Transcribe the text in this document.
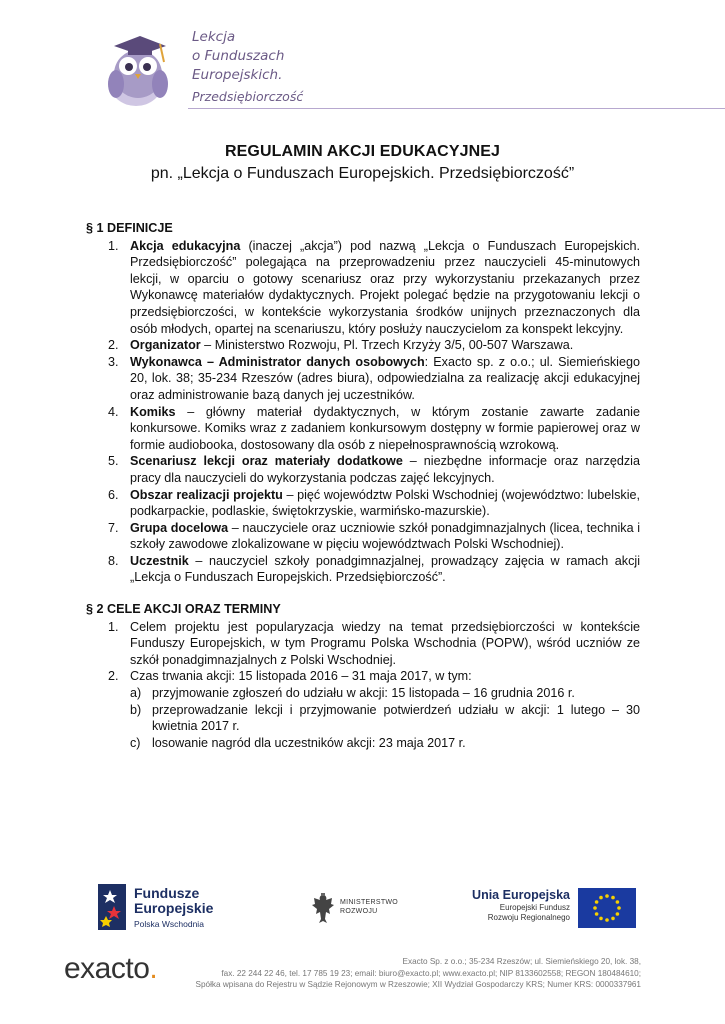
Lekcja
o Funduszach
Europejskich.
Przedsiębiorczość
REGULAMIN AKCJI EDUKACYJNEJ
pn. „Lekcja o Funduszach Europejskich. Przedsiębiorczość”
§ 1 DEFINICJE
1. Akcja edukacyjna (inaczej „akcja”) pod nazwą „Lekcja o Funduszach Europejskich. Przedsiębiorczość” polegająca na przeprowadzeniu przez nauczycieli 45-minutowych lekcji, w oparciu o gotowy scenariusz oraz przy wykorzystaniu przekazanych przez Wykonawcę materiałów dydaktycznych. Projekt polegać będzie na przygotowaniu lekcji o przedsiębiorczości, w kontekście wykorzystania środków unijnych przeznaczonych dla osób młodych, opartej na scenariuszu, który posłuży nauczycielom za konspekt lekcyjny.
2. Organizator – Ministerstwo Rozwoju, Pl. Trzech Krzyży 3/5, 00-507 Warszawa.
3. Wykonawca – Administrator danych osobowych: Exacto sp. z o.o.; ul. Siemieńskiego 20, lok. 38; 35-234 Rzeszów (adres biura), odpowiedzialna za realizację akcji edukacyjnej oraz administrowanie bazą danych jej uczestników.
4. Komiks – główny materiał dydaktycznych, w którym zostanie zawarte zadanie konkursowe. Komiks wraz z zadaniem konkursowym dostępny w formie papierowej oraz w formie audiobooka, dostosowany dla osób z niepełnosprawnością wzrokową.
5. Scenariusz lekcji oraz materiały dodatkowe – niezbędne informacje oraz narzędzia pracy dla nauczycieli do wykorzystania podczas zajęć lekcyjnych.
6. Obszar realizacji projektu – pięć województw Polski Wschodniej (województwo: lubelskie, podkarpackie, podlaskie, świętokrzyskie, warmińsko-mazurskie).
7. Grupa docelowa – nauczyciele oraz uczniowie szkół ponadgimnazjalnych (licea, technika i szkoły zawodowe zlokalizowane w pięciu województwach Polski Wschodniej).
8. Uczestnik – nauczyciel szkoły ponadgimnazjalnej, prowadzący zajęcia w ramach akcji „Lekcja o Funduszach Europejskich. Przedsiębiorczość”.
§ 2 CELE AKCJI ORAZ TERMINY
1. Celem projektu jest popularyzacja wiedzy na temat przedsiębiorczości w kontekście Funduszy Europejskich, w tym Programu Polska Wschodnia (POPW), wśród uczniów ze szkół ponadgimnazjalnych z Polski Wschodniej.
2. Czas trwania akcji: 15 listopada 2016 – 31 maja 2017, w tym:
a) przyjmowanie zgłoszeń do udziału w akcji: 15 listopada – 16 grudnia 2016 r.
b) przeprowadzanie lekcji i przyjmowanie potwierdzeń udziału w akcji: 1 lutego – 30 kwietnia 2017 r.
c) losowanie nagród dla uczestników akcji: 23 maja 2017 r.
Fundusze
Europejskie
Polska Wschodnia
MINISTERSTWO
ROZWOJU
Unia Europejska
Europejski Fundusz
Rozwoju Regionalnego
exacto.	Exacto Sp. z o.o.; 35-234 Rzeszów; ul. Siemieńskiego 20, lok. 38,
fax. 22 244 22 46, tel. 17 785 19 23; email: biuro@exacto.pl; www.exacto.pl; NIP 8133602558; REGON 180484610;
Spółka wpisana do Rejestru w Sądzie Rejonowym w Rzeszowie; XII Wydział Gospodarczy KRS; Numer KRS: 0000337961
